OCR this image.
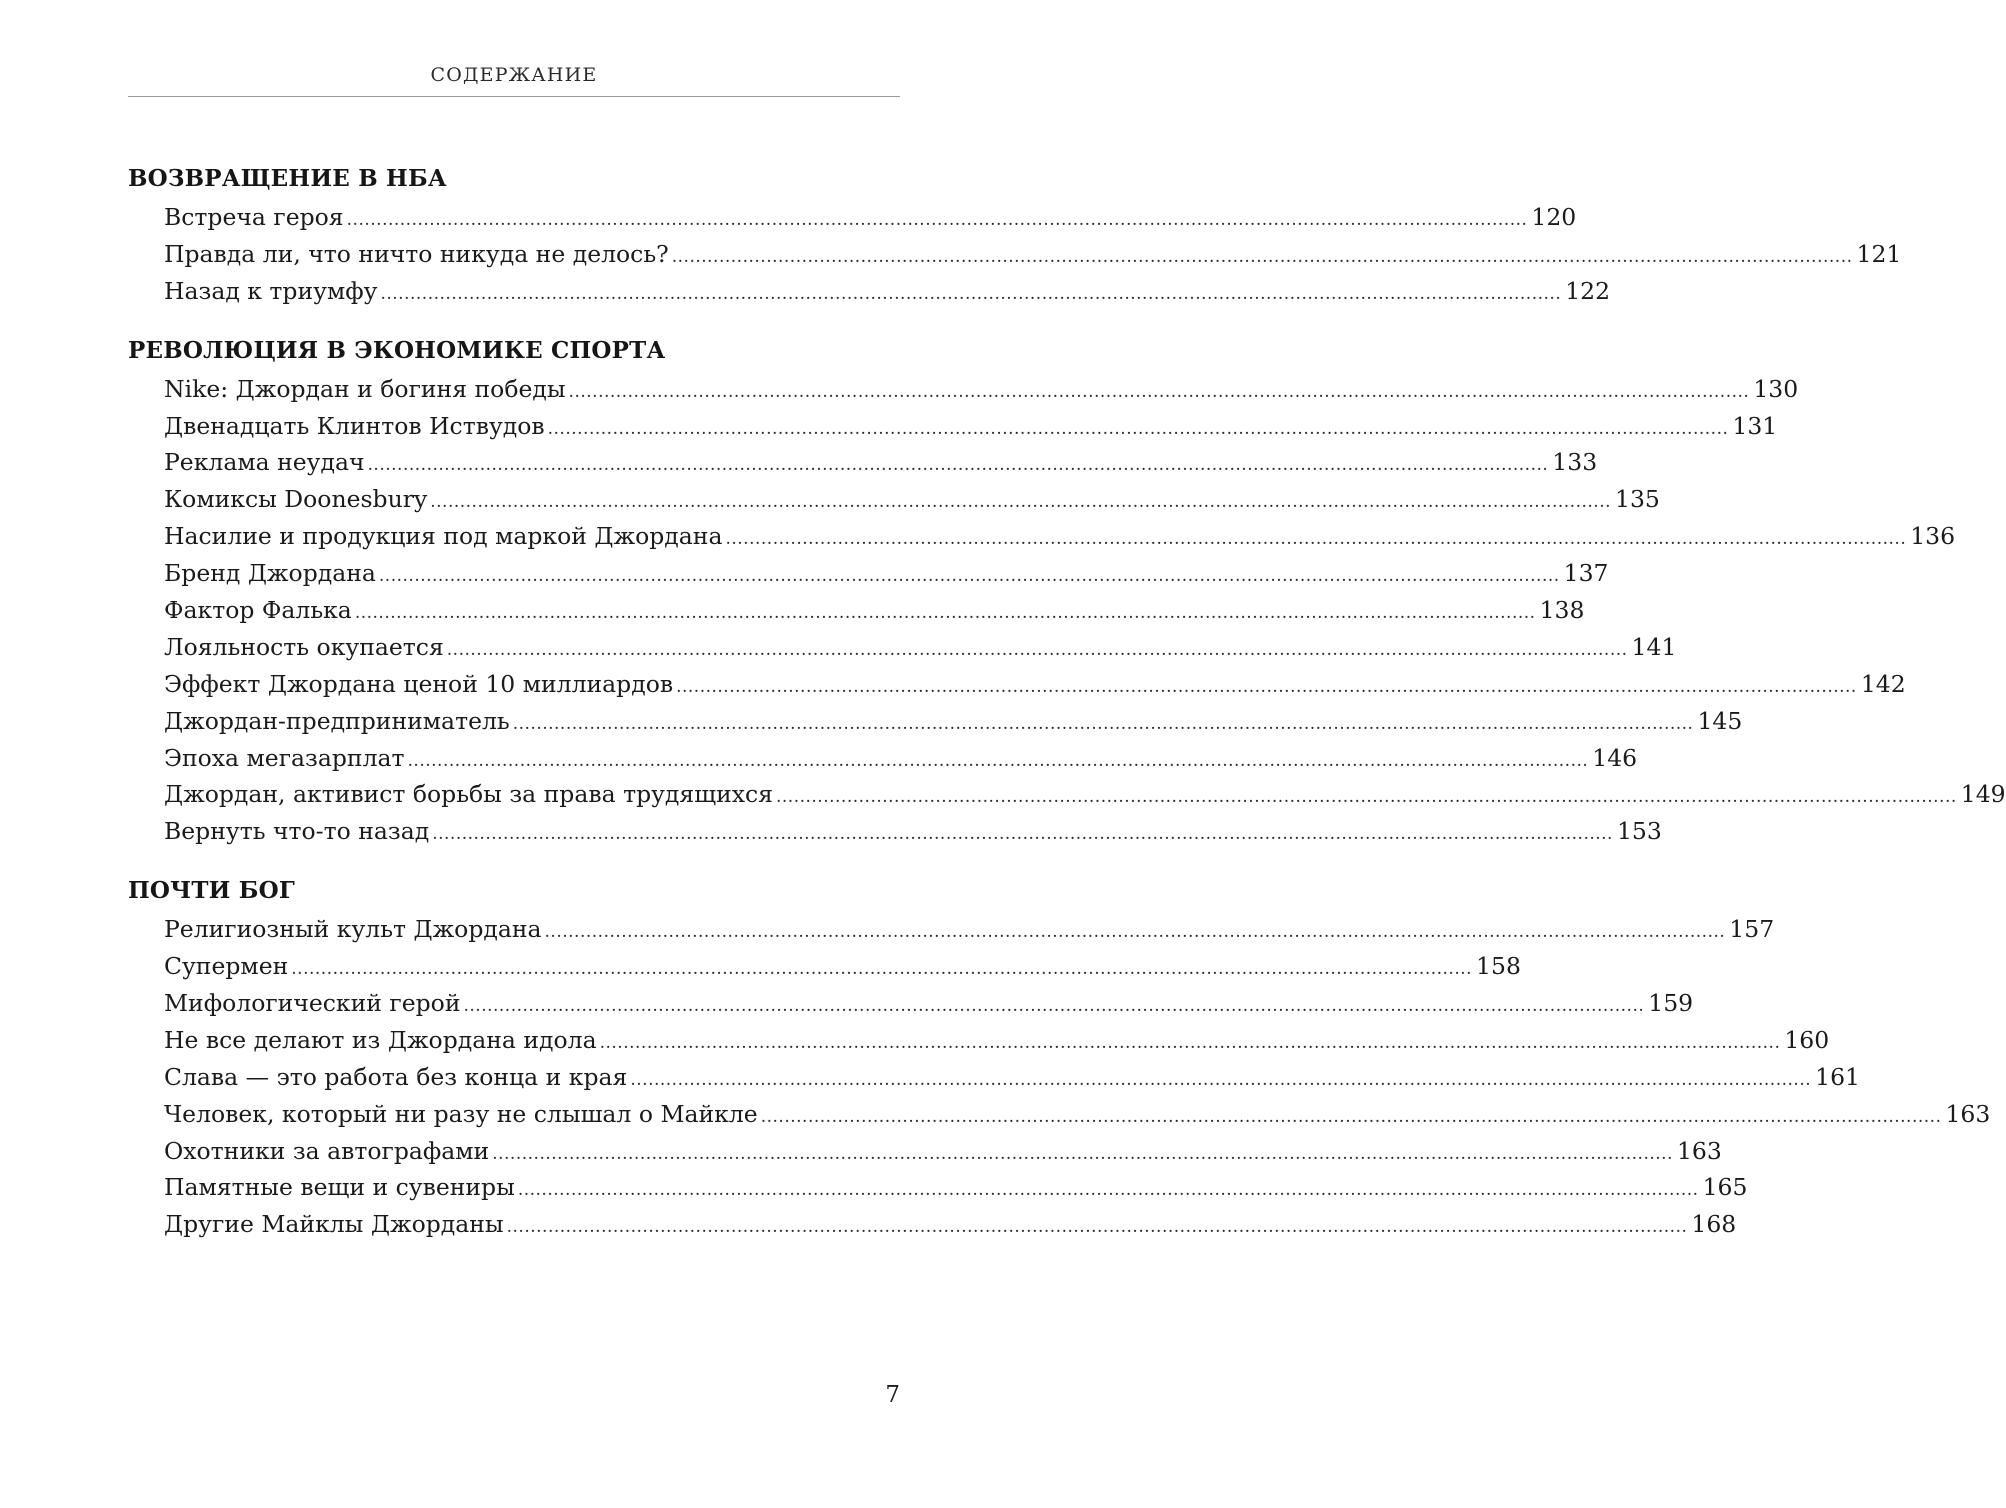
СОДЕРЖАНИЕ
ВОЗВРАЩЕНИЕ В НБА
Встреча героя ........................................................................................................................................................................................................ 120
Правда ли, что ничто никуда не делось? ........................................................................................................................................................................................................ 121
Назад к триумфу ........................................................................................................................................................................................................ 122
РЕВОЛЮЦИЯ В ЭКОНОМИКЕ СПОРТА
Nike: Джордан и богиня победы ........................................................................................................................................................................................................ 130
Двенадцать Клинтов Иствудов ........................................................................................................................................................................................................ 131
Реклама неудач ........................................................................................................................................................................................................ 133
Комиксы Doonesbury ........................................................................................................................................................................................................ 135
Насилие и продукция под маркой Джордана ........................................................................................................................................................................................................ 136
Бренд Джордана ........................................................................................................................................................................................................ 137
Фактор Фалька ........................................................................................................................................................................................................ 138
Лояльность окупается ........................................................................................................................................................................................................ 141
Эффект Джордана ценой 10 миллиардов ........................................................................................................................................................................................................ 142
Джордан-предприниматель ........................................................................................................................................................................................................ 145
Эпоха мегазарплат ........................................................................................................................................................................................................ 146
Джордан, активист борьбы за права трудящихся ........................................................................................................................................................................................................ 149
Вернуть что-то назад ........................................................................................................................................................................................................ 153
ПОЧТИ БОГ
Религиозный культ Джордана ........................................................................................................................................................................................................ 157
Супермен ........................................................................................................................................................................................................ 158
Мифологический герой ........................................................................................................................................................................................................ 159
Не все делают из Джордана идола ........................................................................................................................................................................................................ 160
Слава — это работа без конца и края ........................................................................................................................................................................................................ 161
Человек, который ни разу не слышал о Майкле ........................................................................................................................................................................................................ 163
Охотники за автографами ........................................................................................................................................................................................................ 163
Памятные вещи и сувениры ........................................................................................................................................................................................................ 165
Другие Майклы Джорданы ........................................................................................................................................................................................................ 168
7
